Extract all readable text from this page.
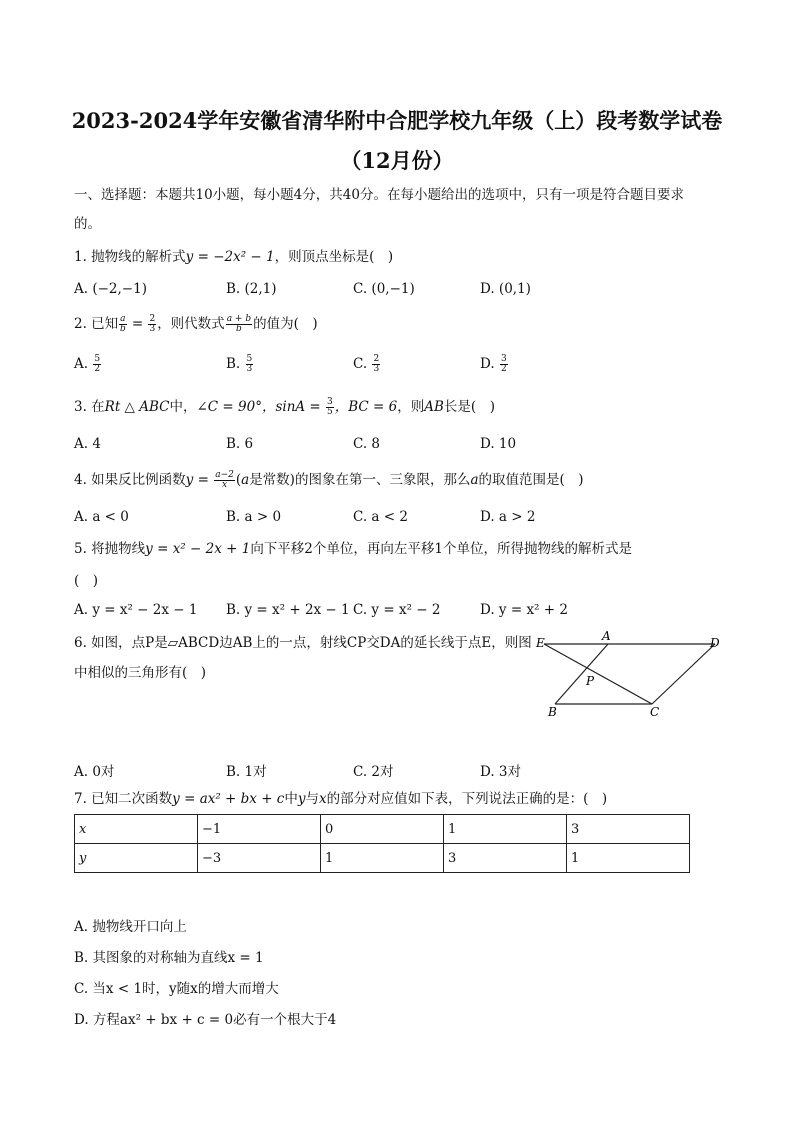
2023-2024学年安徽省清华附中合肥学校九年级（上）段考数学试卷
（12月份）
一、选择题：本题共10小题，每小题4分，共40分。在每小题给出的选项中，只有一项是符合题目要求
的。
1. 抛物线的解析式y = −2x² − 1，则顶点坐标是(　)
A. (−2,−1)	B. (2,1)	C. (0,−1)	D. (0,1)
2. 已知 $\frac{a}{b} = \frac{2}{3}$ ，则代数式 $\frac{a + b}{b}$ 的值为(　)
A. $\frac{5}{2}$	B. $\frac{5}{3}$	C. $\frac{2}{3}$	D. $\frac{3}{2}$
3. 在Rt △ ABC中，∠C = 90°，$\sin A = \frac{3}{5}$ ，BC = 6，则AB长是(　)
A. 4	B. 6	C. 8	D. 10
4. 如果反比例函数$y = \frac{a-2}{x} (a$是常数)的图象在第一、三象限，那么a的取值范围是(　)
A. a < 0	B. a > 0	C. a < 2	D. a > 2
5. 将抛物线y = x² − 2x + 1向下平移2个单位，再向左平移1个单位，所得抛物线的解析式是
(　)
A. y = x² − 2x − 1 B. y = x² + 2x − 1 C. y = x² − 2	D. y = x² + 2
6. 如图，点P是▱ABCD边AB上的一点，射线CP交DA的延长线于点E，则图
中相似的三角形有(　)
E	A	D
P
B	C
A. 0对	B. 1对	C. 2对	D. 3对
7. 已知二次函数y = ax² + bx + c中y与x的部分对应值如下表，下列说法正确的是：(　)
x	−1	0	1	3
y	−3	1	3	1
A. 抛物线开口向上
B. 其图象的对称轴为直线x = 1
C. 当x < 1时，y随x的增大而增大
D. 方程ax² + bx + c = 0必有一个根大于4
